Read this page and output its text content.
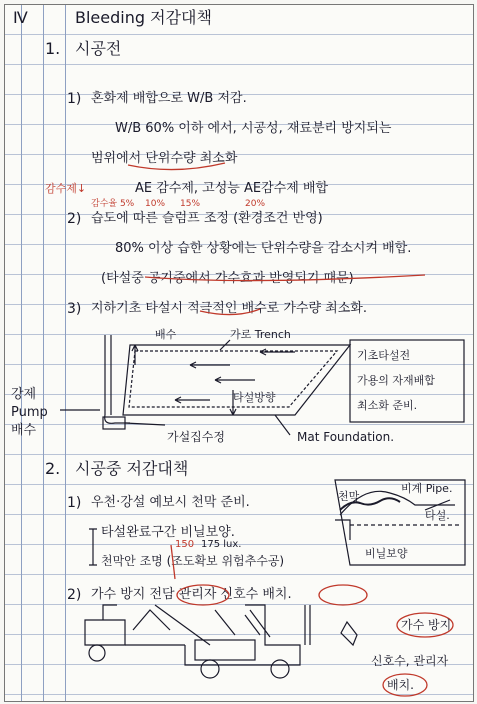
Ⅳ	Bleeding 저감대책
1. 시공전
1) 혼화제 배합으로 W/B 저감.
W/B 60% 이하 에서, 시공성, 재료분리 방지되는
범위에서 단위수량 최소화
감수제↓	AE 감수제, 고성능 AE감수제 배합
감수율 5% 10% 15%	20%
2) 습도에 따른 슬럼프 조정 (환경조건 반영)
80% 이상 습한 상황에는 단위수량을 감소시켜 배합.
(타설중 공기중에서 가수효과 반영되기 때문)
3) 지하기초 타설시 적극적인 배수로 가수량 최소화.
배수	가로 Trench
타설방향
강제
Pump
배수	가설집수정	Mat Foundation.
기초타설전
가용의 자재배합
최소화 준비.
2. 시공중 저감대책
1) 우천·강설 예보시 천막 준비.
타설완료구간 비닐보양.
150 175 lux.
천막안 조명 (조도확보 위험추수공)
2) 가수 방지 전담 관리자 신호수 배치.
비계 Pipe.
천막
타설.
비닐보양
가수 방지
신호수, 관리자
배치.
